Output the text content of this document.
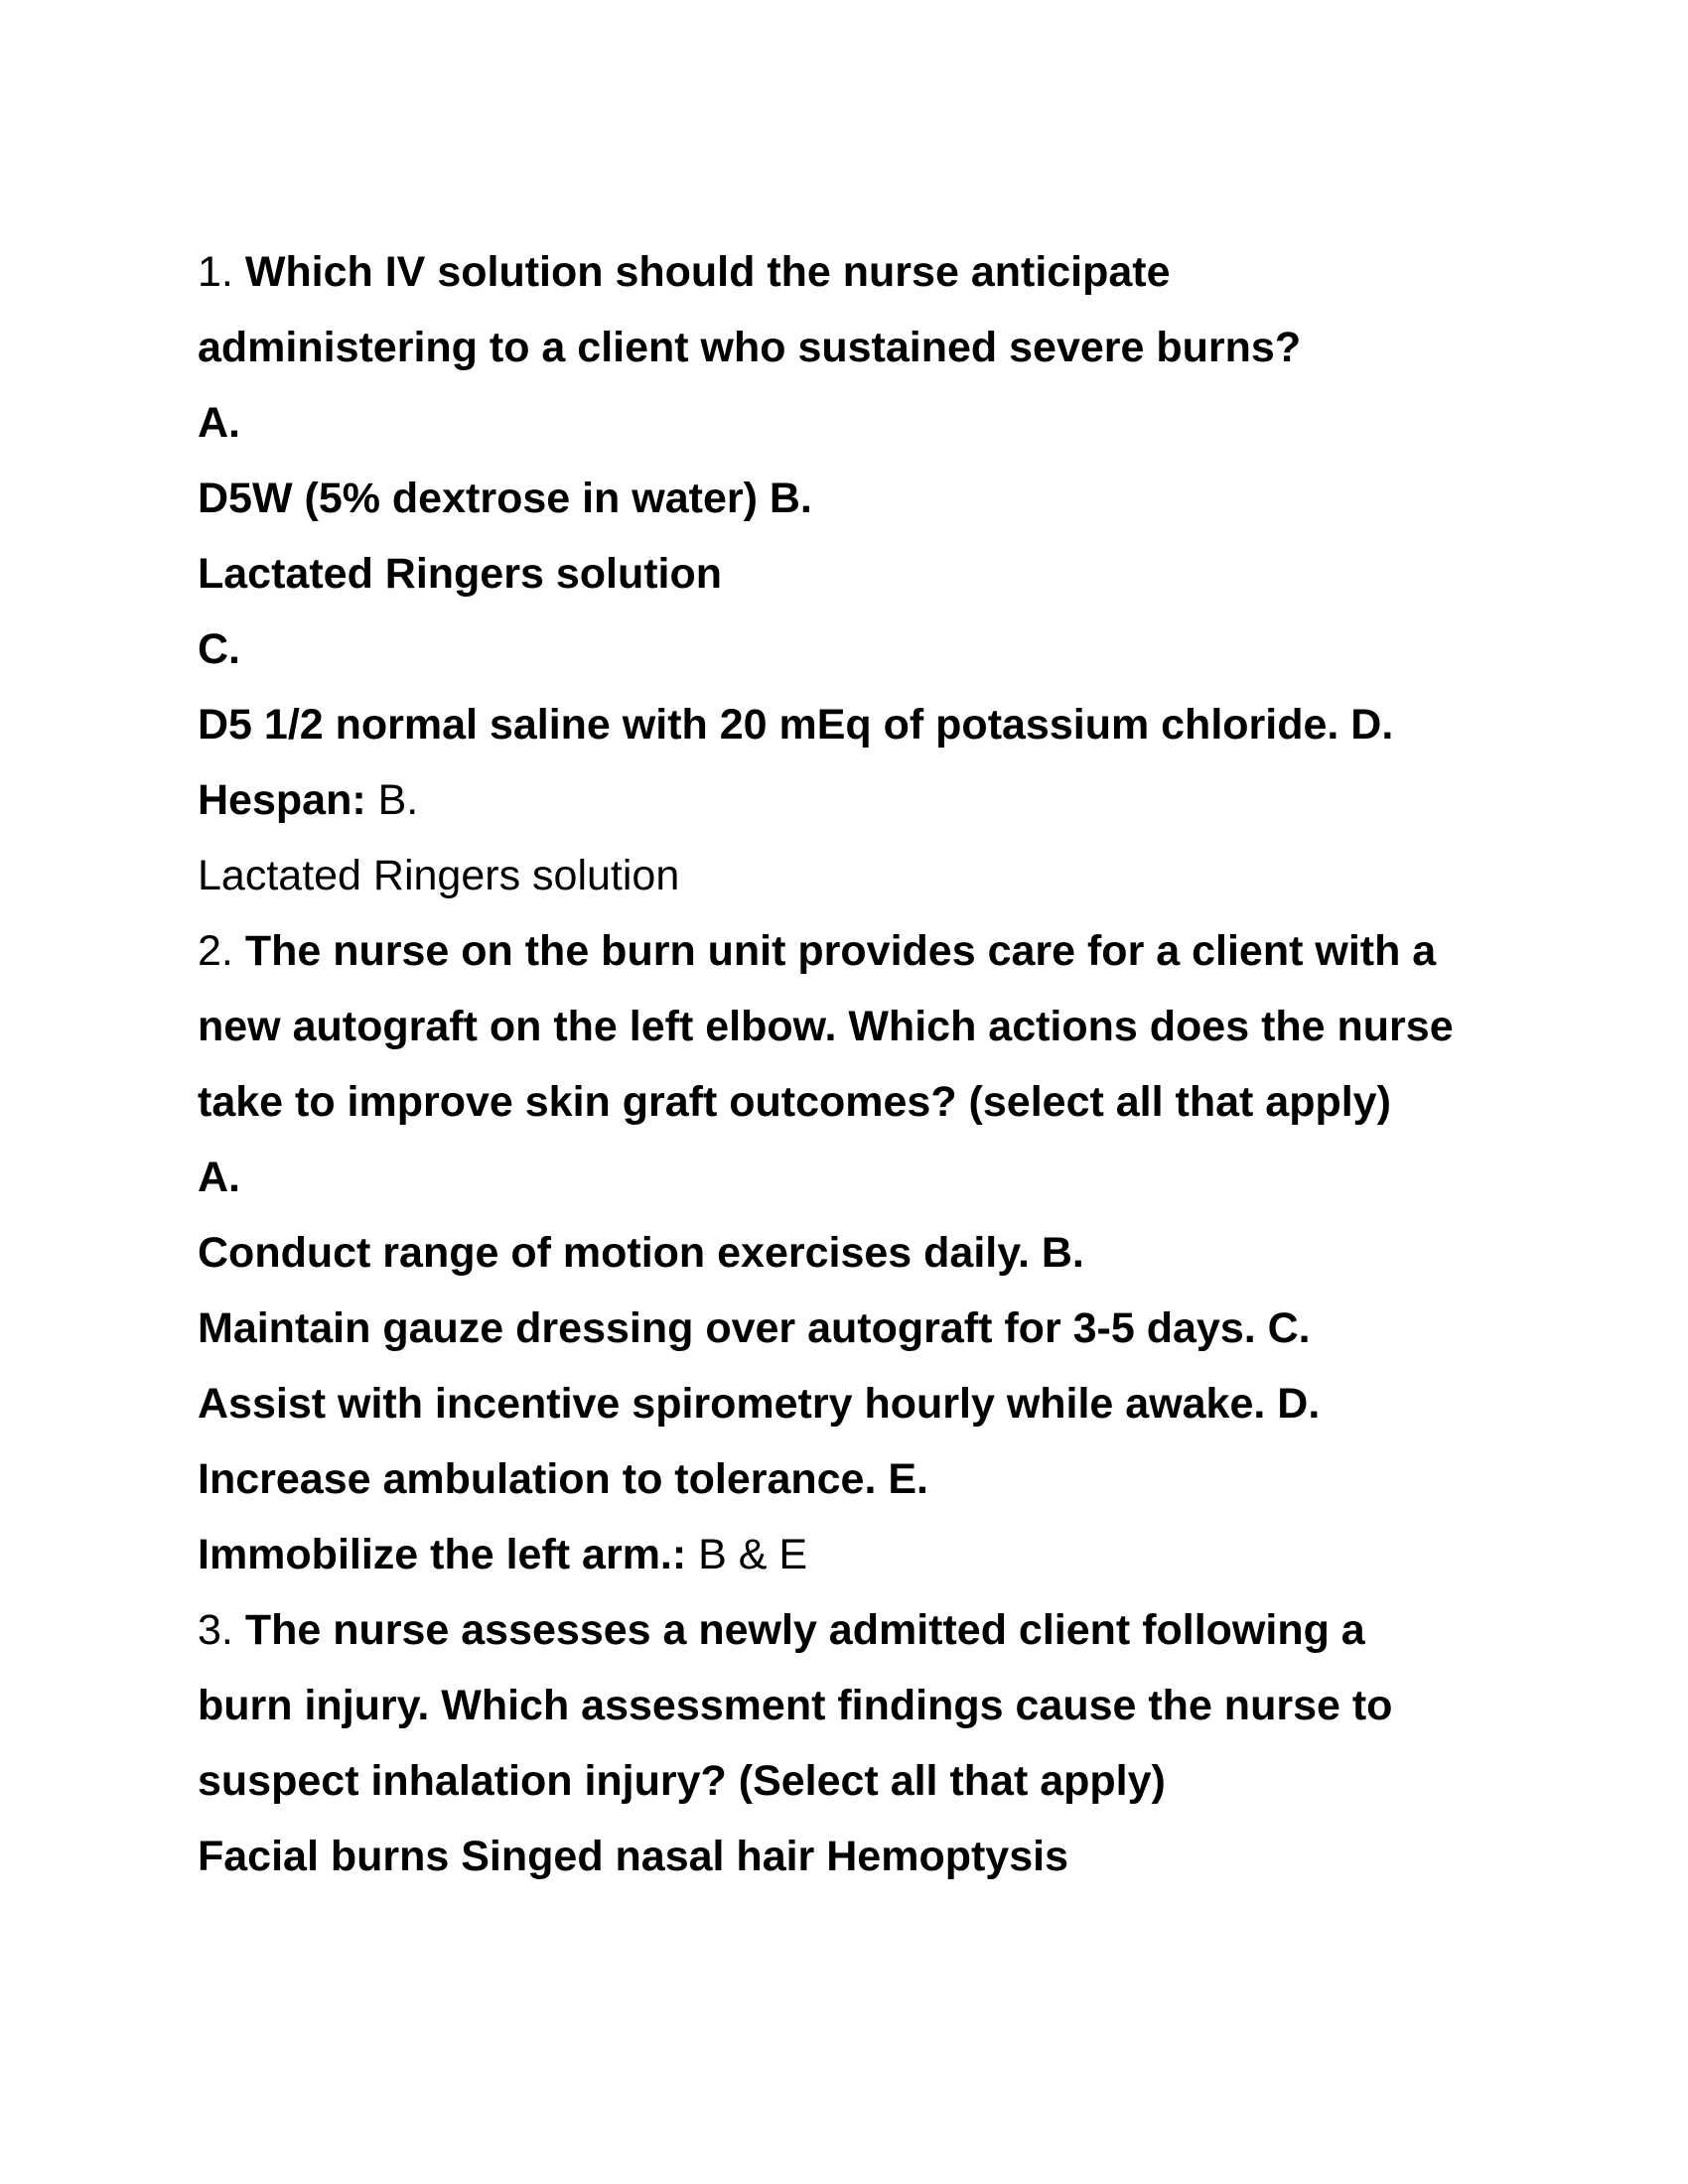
1. Which IV solution should the nurse anticipate
administering to a client who sustained severe burns?
A.
D5W (5% dextrose in water) B.
Lactated Ringers solution
C.
D5 1/2 normal saline with 20 mEq of potassium chloride. D.
Hespan: B.
Lactated Ringers solution
2. The nurse on the burn unit provides care for a client with a
new autograft on the left elbow. Which actions does the nurse
take to improve skin graft outcomes? (select all that apply)
A.
Conduct range of motion exercises daily. B.
Maintain gauze dressing over autograft for 3-5 days. C.
Assist with incentive spirometry hourly while awake. D.
Increase ambulation to tolerance. E.
Immobilize the left arm.: B & E
3. The nurse assesses a newly admitted client following a
burn injury. Which assessment findings cause the nurse to
suspect inhalation injury? (Select all that apply)
Facial burns Singed nasal hair Hemoptysis
